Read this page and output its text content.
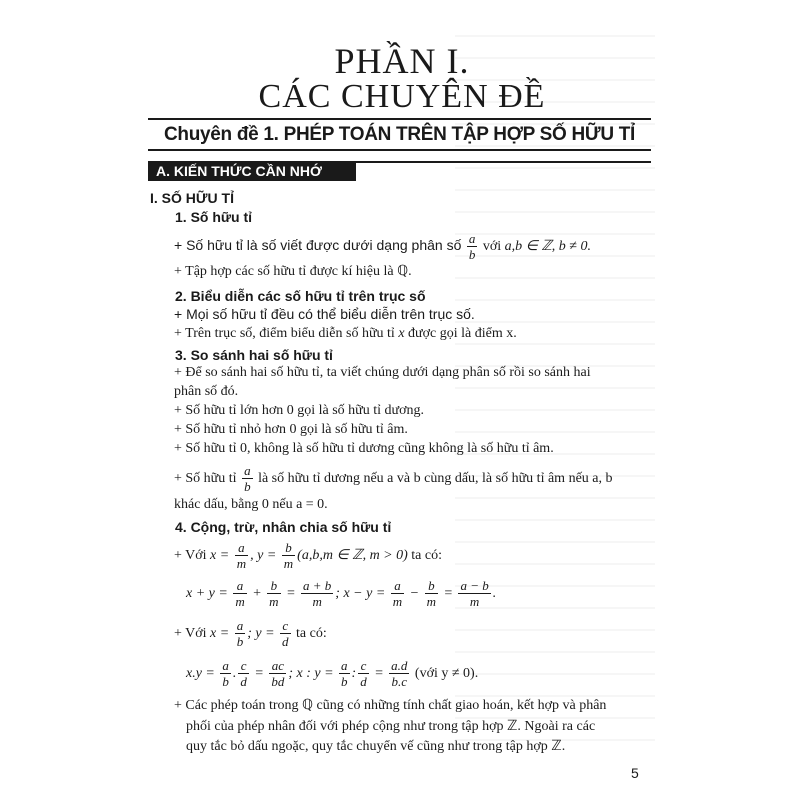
PHẦN I.
CÁC CHUYÊN ĐỀ
Chuyên đề 1. PHÉP TOÁN TRÊN TẬP HỢP SỐ HỮU TỈ
A. KIẾN THỨC CẦN NHỚ
I. SỐ HỮU TỈ
1. Số hữu tỉ
+ Số hữu tỉ là số viết được dưới dạng phân số $\frac{a}{b}$ với a,b ∈ ℤ, b ≠ 0.
+ Tập hợp các số hữu tỉ được kí hiệu là ℚ.
2. Biểu diễn các số hữu tỉ trên trục số
+ Mọi số hữu tỉ đều có thể biểu diễn trên trục số.
+ Trên trục số, điểm biểu diễn số hữu tỉ x được gọi là điểm x.
3. So sánh hai số hữu tỉ
+ Để so sánh hai số hữu tỉ, ta viết chúng dưới dạng phân số rồi so sánh hai
phân số đó.
+ Số hữu tỉ lớn hơn 0 gọi là số hữu tỉ dương.
+ Số hữu tỉ nhỏ hơn 0 gọi là số hữu tỉ âm.
+ Số hữu tỉ 0, không là số hữu tỉ dương cũng không là số hữu tỉ âm.
+ Số hữu tỉ $\frac{a}{b}$ là số hữu tỉ dương nếu a và b cùng dấu, là số hữu tỉ âm nếu a, b
khác dấu, bằng 0 nếu a = 0.
4. Cộng, trừ, nhân chia số hữu tỉ
+ Với $x = \frac{a}{m}$ , $y = \frac{b}{m} (a,b,m$ ∈ ℤ, m > 0) ta có:
$x + y = \frac{a}{m} + \frac{b}{m} = \frac{a + b}{m}$ ; $x - y = \frac{a}{m} - \frac{b}{m} = \frac{a - b}{m}$ .
+ Với $x = \frac{a}{b}$ ; $y = \frac{c}{d}$ ta có:
$x.y = \frac{a}{b}$ . $\frac{c}{d} = \frac{ac}{bd}$ ; x : $y = \frac{a}{b}$ : $\frac{c}{d} = \frac{a.d}{b.c}$ (với y ≠ 0).
+ Các phép toán trong ℚ cũng có những tính chất giao hoán, kết hợp và phân
phối của phép nhân đối với phép cộng như trong tập hợp ℤ. Ngoài ra các
quy tắc bỏ dấu ngoặc, quy tắc chuyển vế cũng như trong tập hợp ℤ.
5
